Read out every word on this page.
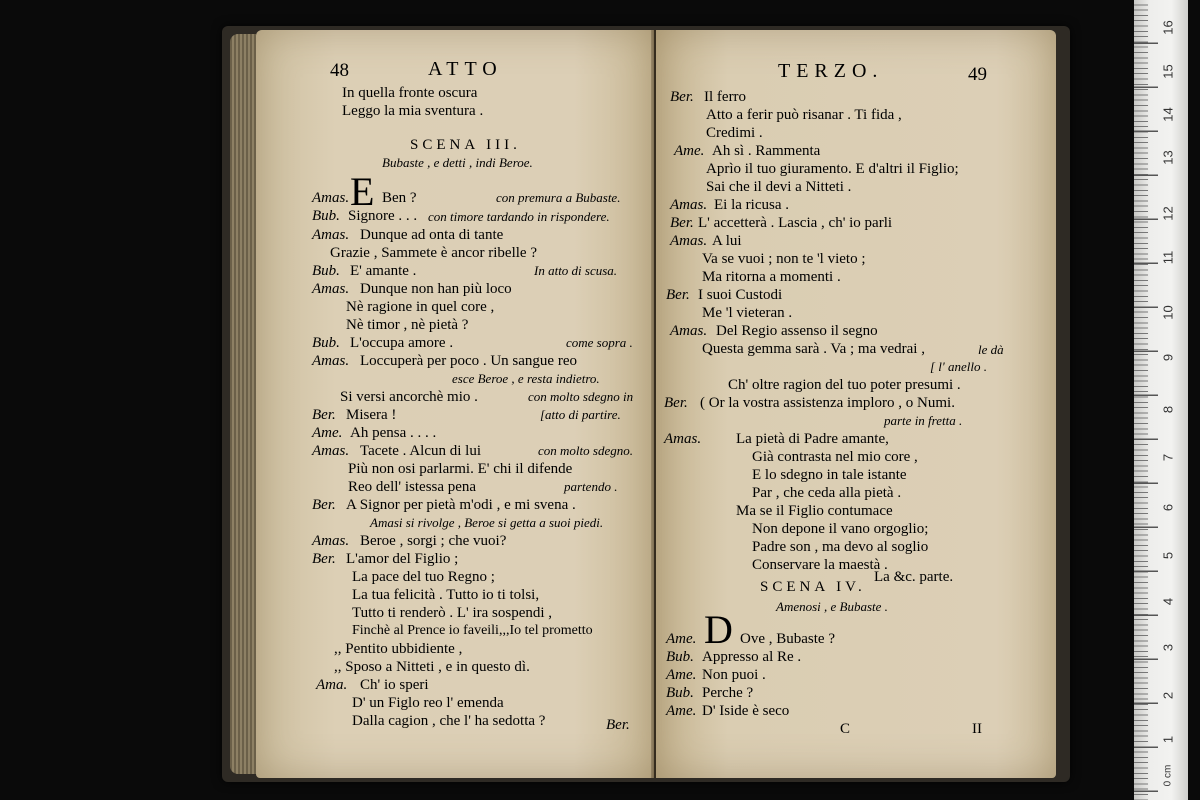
48	ATTO
In quella fronte oscura
Leggo la mia sventura .
SCENA III.
Bubaste , e detti , indi Beroe.
E
Amas. Ben ?	con premura a Bubaste.
Bub. Signore . . . con timore tardando in rispondere.
Amas. Dunque ad onta di tante
Grazie , Sammete è ancor ribelle ?
Bub. E' amante .	In atto di scusa.
Amas. Dunque non han più loco
Nè ragione in quel core ,
Nè timor , nè pietà ?
Bub. L'occupa amore .	come sopra .
Amas. Loccuperà per poco . Un sangue reo
esce Beroe , e resta indietro.
Si versi ancorchè mio .	con molto sdegno in
Ber. Misera !	[atto di partire.
Ame. Ah pensa . . . .
Amas. Tacete . Alcun di lui	con molto sdegno.
Più non osi parlarmi. E' chi il difende
Reo dell' istessa pena	partendo .
Ber. A Signor per pietà m'odi , e mi svena .
Amasi si rivolge , Beroe si getta a suoi piedi.
Amas. Beroe , sorgi ; che vuoi?
Ber. L'amor del Figlio ;
La pace del tuo Regno ;
La tua felicità . Tutto io ti tolsi,
Tutto ti renderò . L' ira sospendi ,
Finchè al Prence io faveili,,,Io tel prometto
,, Pentito ubbidiente ,
,, Sposo a Nitteti , e in questo dì.
Ama. Ch' io speri
D' un Figlo reo l' emenda
Dalla cagion , che l' ha sedotta ?	Ber.
TERZO.	49
Ber. Il ferro
Atto a ferir può risanar . Ti fida ,
Credimi .
Ame. Ah sì . Rammenta
Aprìo il tuo giuramento. E d'altri il Figlio;
Sai che il devi a Nitteti .
Amas. Ei la ricusa .
Ber. L' accetterà . Lascia , ch' io parli
Amas. A lui
Va se vuoi ; non te 'l vieto ;
Ma ritorna a momenti .
Ber. I suoi Custodi
Me 'l vieteran .
Amas. Del Regio assenso il segno
Questa gemma sarà . Va ; ma vedrai ,	le dà
[ l' anello .
Ch' oltre ragion del tuo poter presumi .
Ber. ( Or la vostra assistenza imploro , o Numi.
parte in fretta .
Amas. La pietà di Padre amante,
Già contrasta nel mio core ,
E lo sdegno in tale istante
Par , che ceda alla pietà .
Ma se il Figlio contumace
Non depone il vano orgoglio;
Padre son , ma devo al soglio
Conservare la maestà .
La &c. parte.
SCENA IV.
Amenosi , e Bubaste .
D
Ame.	Ove , Bubaste ?
Bub. Appresso al Re .
Ame. Non puoi .
Bub. Perche ?
Ame. D' Iside è seco
C	II
16
15
14
13
12
11
10
9
8
7
6
5
4
3
2
1
0 cm
